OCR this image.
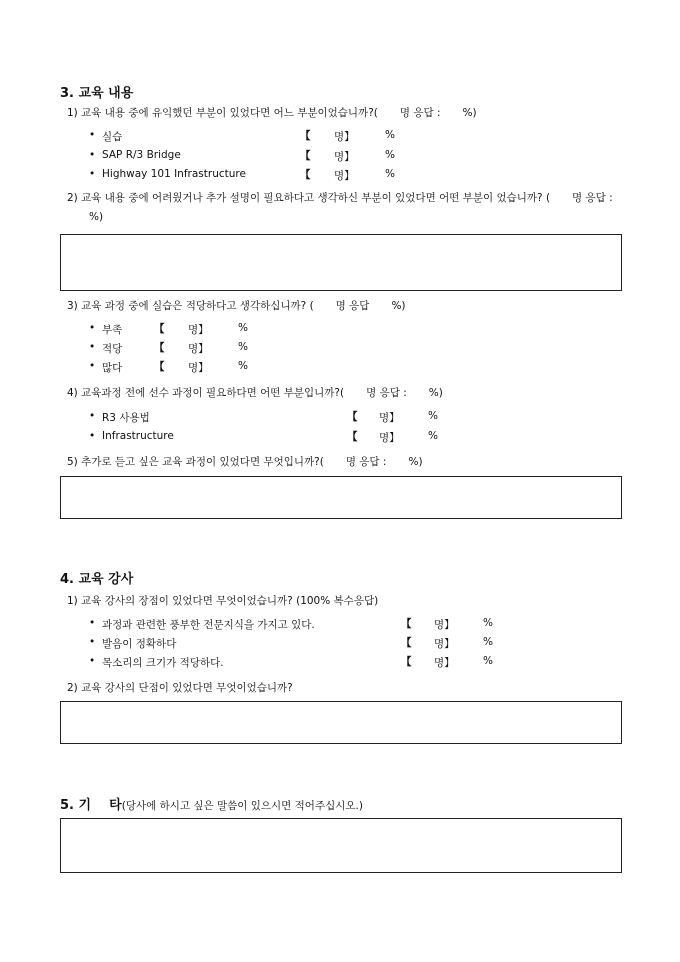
3. 교육 내용
1) 교육 내용 중에 유익했던 부분이 있었다면 어느 부분이었습니까?( 명 응답 : %)
• 실습	【 명】	%
• SAP R/3 Bridge	【 명】	%
• Highway 101 Infrastructure	【 명】	%
2) 교육 내용 중에 어려웠거나 추가 설명이 필요하다고 생각하신 부분이 있었다면 어떤 부분이 었습니까? ( 명 응답 :%)
3) 교육 과정 중에 실습은 적당하다고 생각하십니까? ( 명 응답 %)
• 부족	【 명】	%
• 적당	【 명】	%
• 많다	【 명】	%
4) 교육과정 전에 선수 과정이 필요하다면 어떤 부분입니까?( 명 응답 : %)
• R3 사용법	【 명】	%
• Infrastructure	【 명】	%
5) 추가로 듣고 싶은 교육 과정이 있었다면 무엇입니까?( 명 응답 : %)
4. 교육 강사
1) 교육 강사의 장점이 있었다면 무엇이었습니까? (100% 복수응답)
• 과정과 관련한 풍부한 전문지식을 가지고 있다.	【 명】	%
• 발음이 정확하다	【 명】	%
• 목소리의 크기가 적당하다.	【 명】	%
2) 교육 강사의 단점이 있었다면 무엇이었습니까?
5. 기    타(당사에 하시고 싶은 말씀이 있으시면 적어주십시오.)
